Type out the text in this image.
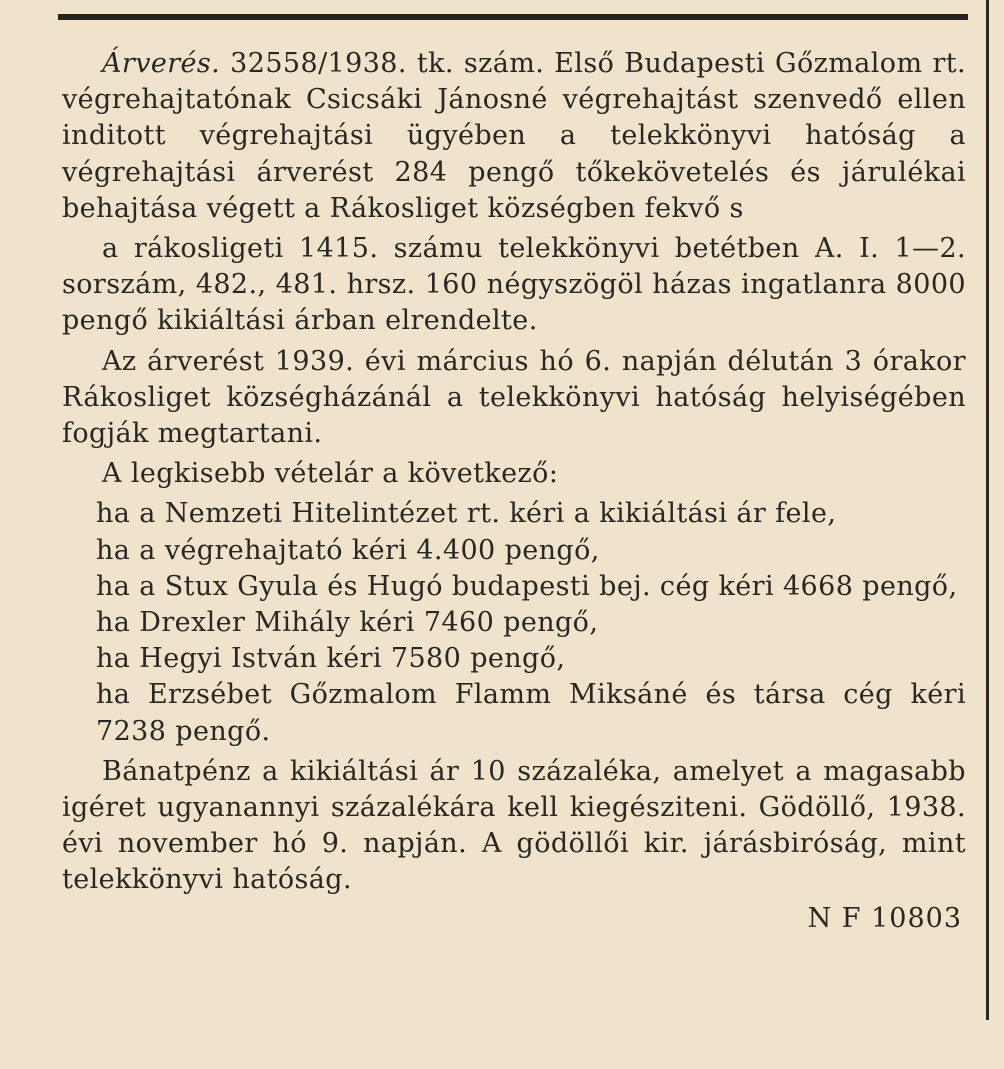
Árverés. 32558/1938. tk. szám. Első Budapesti Gőzmalom rt. végrehajtatónak Csicsáki Jánosné végrehajtást szenvedő ellen inditott végrehajtási ügyében a telekkönyvi hatóság a végrehajtási árverést 284 pengő tőkekövetelés és járulékai behajtása végett a Rákosliget községben fekvő s

a rákosligeti 1415. számu telekkönyvi betétben A. I. 1—2. sorszám, 482., 481. hrsz. 160 négyszögöl házas ingatlanra 8000 pengő kikiáltási árban elrendelte.

Az árverést 1939. évi március hó 6. napján délután 3 órakor Rákosliget községházánál a telekkönyvi hatóság helyiségében fogják megtartani.

A legkisebb vételár a következő:

ha a Nemzeti Hitelintézet rt. kéri a kikiáltási ár fele,
ha a végrehajtató kéri 4.400 pengő,
ha a Stux Gyula és Hugó budapesti bej. cég kéri 4668 pengő,
ha Drexler Mihály kéri 7460 pengő,
ha Hegyi István kéri 7580 pengő,
ha Erzsébet Gőzmalom Flamm Miksáné és társa cég kéri 7238 pengő.

Bánatpénz a kikiáltási ár 10 százaléka, amelyet a magasabb igéret ugyanannyi százalékára kell kiegésziteni. Gödöllő, 1938. évi november hó 9. napján. A gödöllői kir. járásbiróság, mint telekkönyvi hatóság.

N F 10803
